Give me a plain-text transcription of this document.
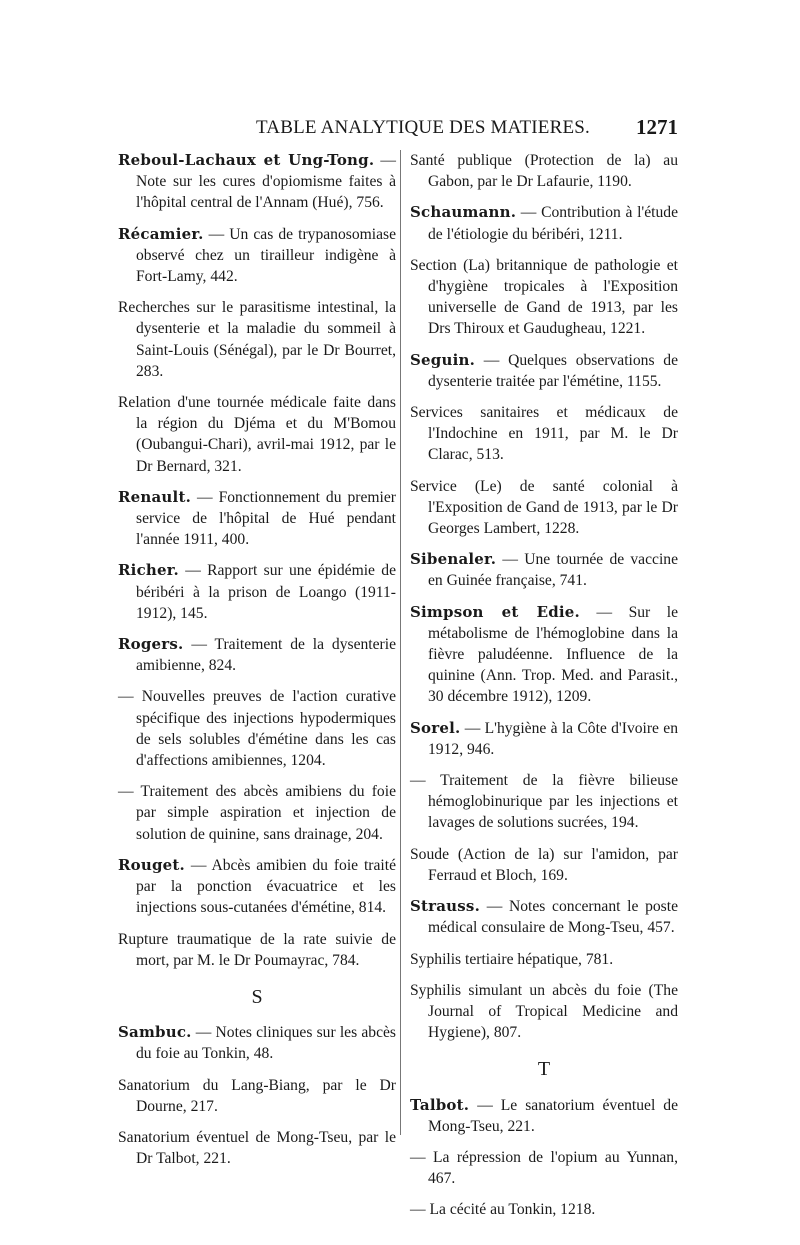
TABLE ANALYTIQUE DES MATIERES. 1271
Reboul-Lachaux et Ung-Tong. — Note sur les cures d'opiomisme faites à l'hôpital central de l'Annam (Hué), 756.
Récamier. — Un cas de trypanosomiase observé chez un tirailleur indigène à Fort-Lamy, 442.
Recherches sur le parasitisme intestinal, la dysenterie et la maladie du sommeil à Saint-Louis (Sénégal), par le Dr Bourret, 283.
Relation d'une tournée médicale faite dans la région du Djéma et du M'Bomou (Oubangui-Chari), avril-mai 1912, par le Dr Bernard, 321.
Renault. — Fonctionnement du premier service de l'hôpital de Hué pendant l'année 1911, 400.
Richer. — Rapport sur une épidémie de béribéri à la prison de Loango (1911-1912), 145.
Rogers. — Traitement de la dysenterie amibienne, 824.
— Nouvelles preuves de l'action curative spécifique des injections hypodermiques de sels solubles d'émétine dans les cas d'affections amibiennes, 1204.
— Traitement des abcès amibiens du foie par simple aspiration et injection de solution de quinine, sans drainage, 204.
Rouget. — Abcès amibien du foie traité par la ponction évacuatrice et les injections sous-cutanées d'émétine, 814.
Rupture traumatique de la rate suivie de mort, par M. le Dr Poumayrac, 784.
S
Sambuc. — Notes cliniques sur les abcès du foie au Tonkin, 48.
Sanatorium du Lang-Biang, par le Dr Dourne, 217.
Sanatorium éventuel de Mong-Tseu, par le Dr Talbot, 221.
Santé publique (Protection de la) au Gabon, par le Dr Lafaurie, 1190.
Schaumann. — Contribution à l'étude de l'étiologie du béribéri, 1211.
Section (La) britannique de pathologie et d'hygiène tropicales à l'Exposition universelle de Gand de 1913, par les Drs Thiroux et Gaudugheau, 1221.
Seguin. — Quelques observations de dysenterie traitée par l'émétine, 1155.
Services sanitaires et médicaux de l'Indochine en 1911, par M. le Dr Clarac, 513.
Service (Le) de santé colonial à l'Exposition de Gand de 1913, par le Dr Georges Lambert, 1228.
Sibenaler. — Une tournée de vaccine en Guinée française, 741.
Simpson et Edie. — Sur le métabolisme de l'hémoglobine dans la fièvre paludéenne. Influence de la quinine (Ann. Trop. Med. and Parasit., 30 décembre 1912), 1209.
Sorel. — L'hygiène à la Côte d'Ivoire en 1912, 946.
— Traitement de la fièvre bilieuse hémoglobinurique par les injections et lavages de solutions sucrées, 194.
Soude (Action de la) sur l'amidon, par Ferraud et Bloch, 169.
Strauss. — Notes concernant le poste médical consulaire de Mong-Tseu, 457.
Syphilis tertiaire hépatique, 781.
Syphilis simulant un abcès du foie (The Journal of Tropical Medicine and Hygiene), 807.
T
Talbot. — Le sanatorium éventuel de Mong-Tseu, 221.
— La répression de l'opium au Yunnan, 467.
— La cécité au Tonkin, 1218.
